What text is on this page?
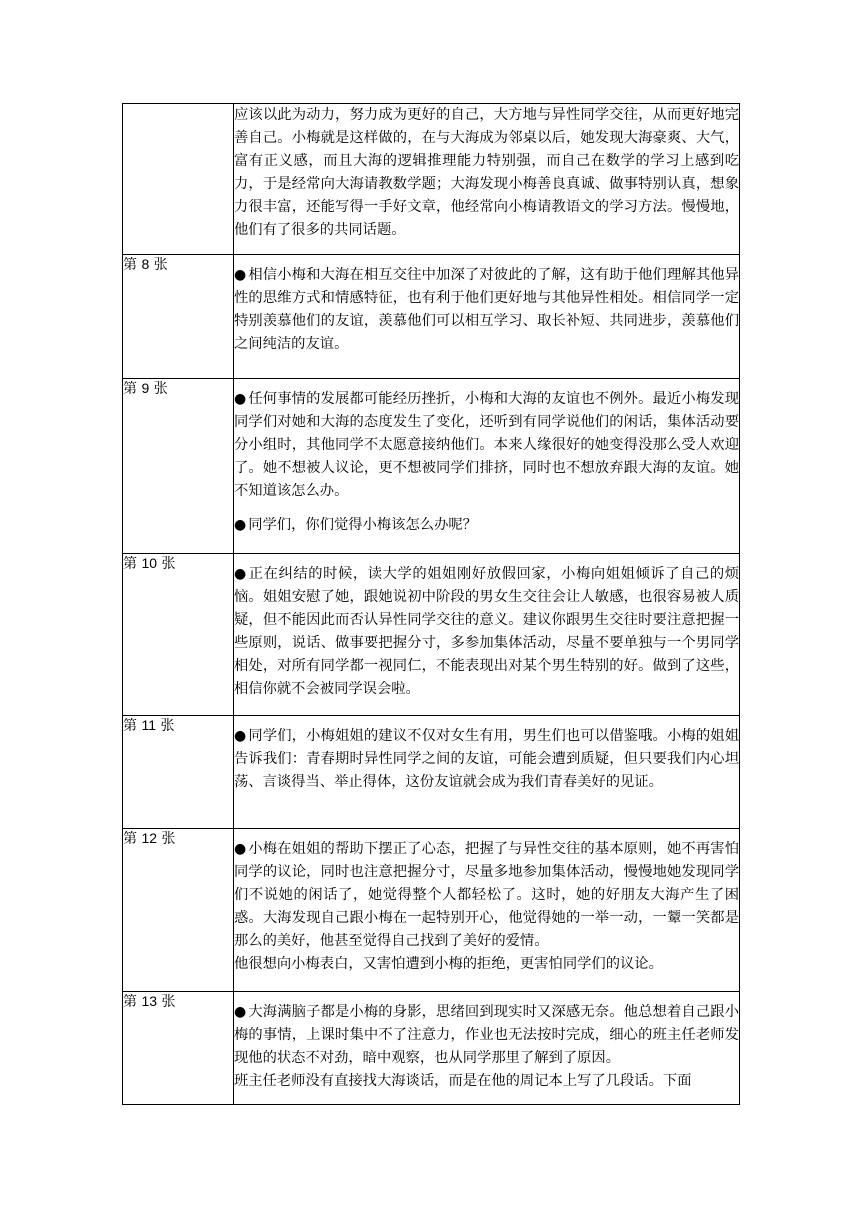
	应该以此为动力，努力成为更好的自己，大方地与异性同学交往，从而更好地完善自己。小梅就是这样做的，在与大海成为邻桌以后，她发现大海豪爽、大气，富有正义感，而且大海的逻辑推理能力特别强，而自己在数学的学习上感到吃力，于是经常向大海请教数学题；大海发现小梅善良真诚、做事特别认真，想象力很丰富，还能写得一手好文章，他经常向小梅请教语文的学习方法。慢慢地，他们有了很多的共同话题。

第 8 张	● 相信小梅和大海在相互交往中加深了对彼此的了解，这有助于他们理解其他异性的思维方式和情感特征，也有利于他们更好地与其他异性相处。相信同学一定特别羡慕他们的友谊，羡慕他们可以相互学习、取长补短、共同进步，羡慕他们之间纯洁的友谊。

第 9 张	● 任何事情的发展都可能经历挫折，小梅和大海的友谊也不例外。最近小梅发现同学们对她和大海的态度发生了变化，还听到有同学说他们的闲话，集体活动要分小组时，其他同学不太愿意接纳他们。本来人缘很好的她变得没那么受人欢迎了。她不想被人议论，更不想被同学们排挤，同时也不想放弃跟大海的友谊。她不知道该怎么办。

● 同学们，你们觉得小梅该怎么办呢？

第 10 张	● 正在纠结的时候，读大学的姐姐刚好放假回家，小梅向姐姐倾诉了自己的烦恼。姐姐安慰了她，跟她说初中阶段的男女生交往会让人敏感，也很容易被人质疑，但不能因此而否认异性同学交往的意义。建议你跟男生交往时要注意把握一些原则，说话、做事要把握分寸，多参加集体活动，尽量不要单独与一个男同学相处，对所有同学都一视同仁，不能表现出对某个男生特别的好。做到了这些，相信你就不会被同学误会啦。

第 11 张	● 同学们，小梅姐姐的建议不仅对女生有用，男生们也可以借鉴哦。小梅的姐姐告诉我们：青春期时异性同学之间的友谊，可能会遭到质疑，但只要我们内心坦荡、言谈得当、举止得体，这份友谊就会成为我们青春美好的见证。

第 12 张	● 小梅在姐姐的帮助下摆正了心态，把握了与异性交往的基本原则，她不再害怕同学的议论，同时也注意把握分寸，尽量多地参加集体活动，慢慢地她发现同学们不说她的闲话了，她觉得整个人都轻松了。这时，她的好朋友大海产生了困惑。大海发现自己跟小梅在一起特别开心，他觉得她的一举一动，一颦一笑都是那么的美好，他甚至觉得自己找到了美好的爱情。

他很想向小梅表白，又害怕遭到小梅的拒绝，更害怕同学们的议论。

第 13 张	● 大海满脑子都是小梅的身影，思绪回到现实时又深感无奈。他总想着自己跟小梅的事情，上课时集中不了注意力，作业也无法按时完成，细心的班主任老师发现他的状态不对劲，暗中观察，也从同学那里了解到了原因。

班主任老师没有直接找大海谈话，而是在他的周记本上写了几段话。下面
